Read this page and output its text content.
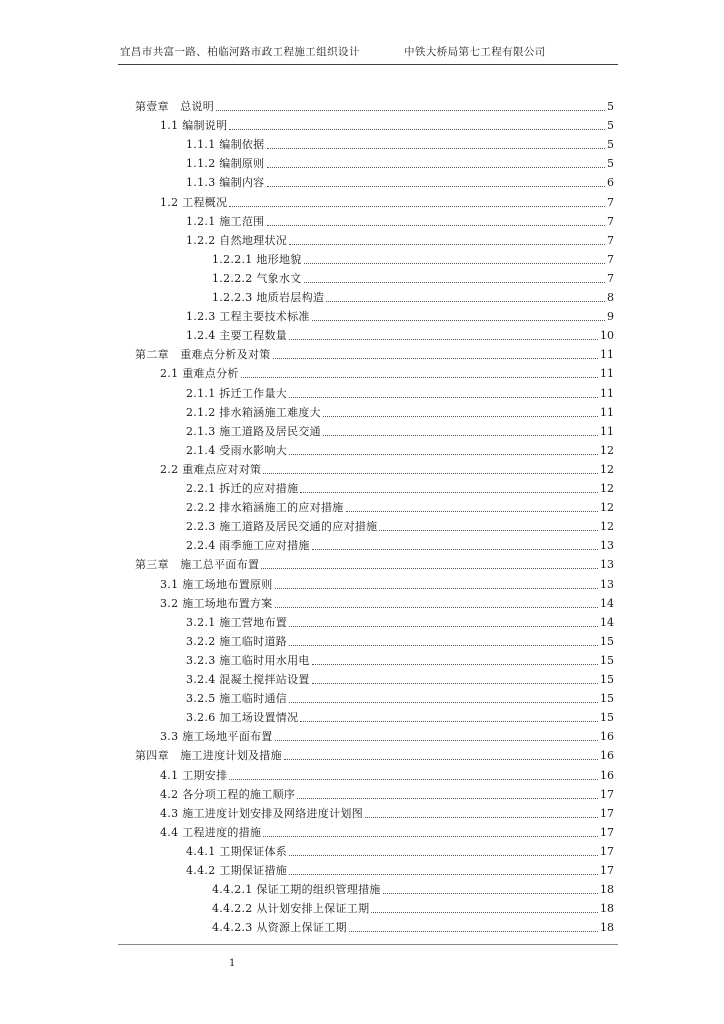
宜昌市共富一路、柏临河路市政工程施工组织设计	中铁大桥局第七工程有限公司
第壹章　总说明	5
1.1 编制说明	5
1.1.1 编制依据	5
1.1.2 编制原则	5
1.1.3 编制内容	6
1.2 工程概况	7
1.2.1 施工范围	7
1.2.2 自然地理状况	7
1.2.2.1 地形地貌	7
1.2.2.2 气象水文	7
1.2.2.3 地质岩层构造	8
1.2.3 工程主要技术标准	9
1.2.4 主要工程数量	10
第二章　重难点分析及对策	11
2.1 重难点分析	11
2.1.1 拆迁工作量大	11
2.1.2 排水箱涵施工难度大	11
2.1.3 施工道路及居民交通	11
2.1.4 受雨水影响大	12
2.2 重难点应对对策	12
2.2.1 拆迁的应对措施	12
2.2.2 排水箱涵施工的应对措施	12
2.2.3 施工道路及居民交通的应对措施	12
2.2.4 雨季施工应对措施	13
第三章　施工总平面布置	13
3.1 施工场地布置原则	13
3.2 施工场地布置方案	14
3.2.1 施工营地布置	14
3.2.2 施工临时道路	15
3.2.3 施工临时用水用电	15
3.2.4 混凝土搅拌站设置	15
3.2.5 施工临时通信	15
3.2.6 加工场设置情况	15
3.3 施工场地平面布置	16
第四章　施工进度计划及措施	16
4.1 工期安排	16
4.2 各分项工程的施工顺序	17
4.3 施工进度计划安排及网络进度计划图	17
4.4 工程进度的措施	17
4.4.1 工期保证体系	17
4.4.2 工期保证措施	17
4.4.2.1 保证工期的组织管理措施	18
4.4.2.2 从计划安排上保证工期	18
4.4.2.3 从资源上保证工期	18
1
